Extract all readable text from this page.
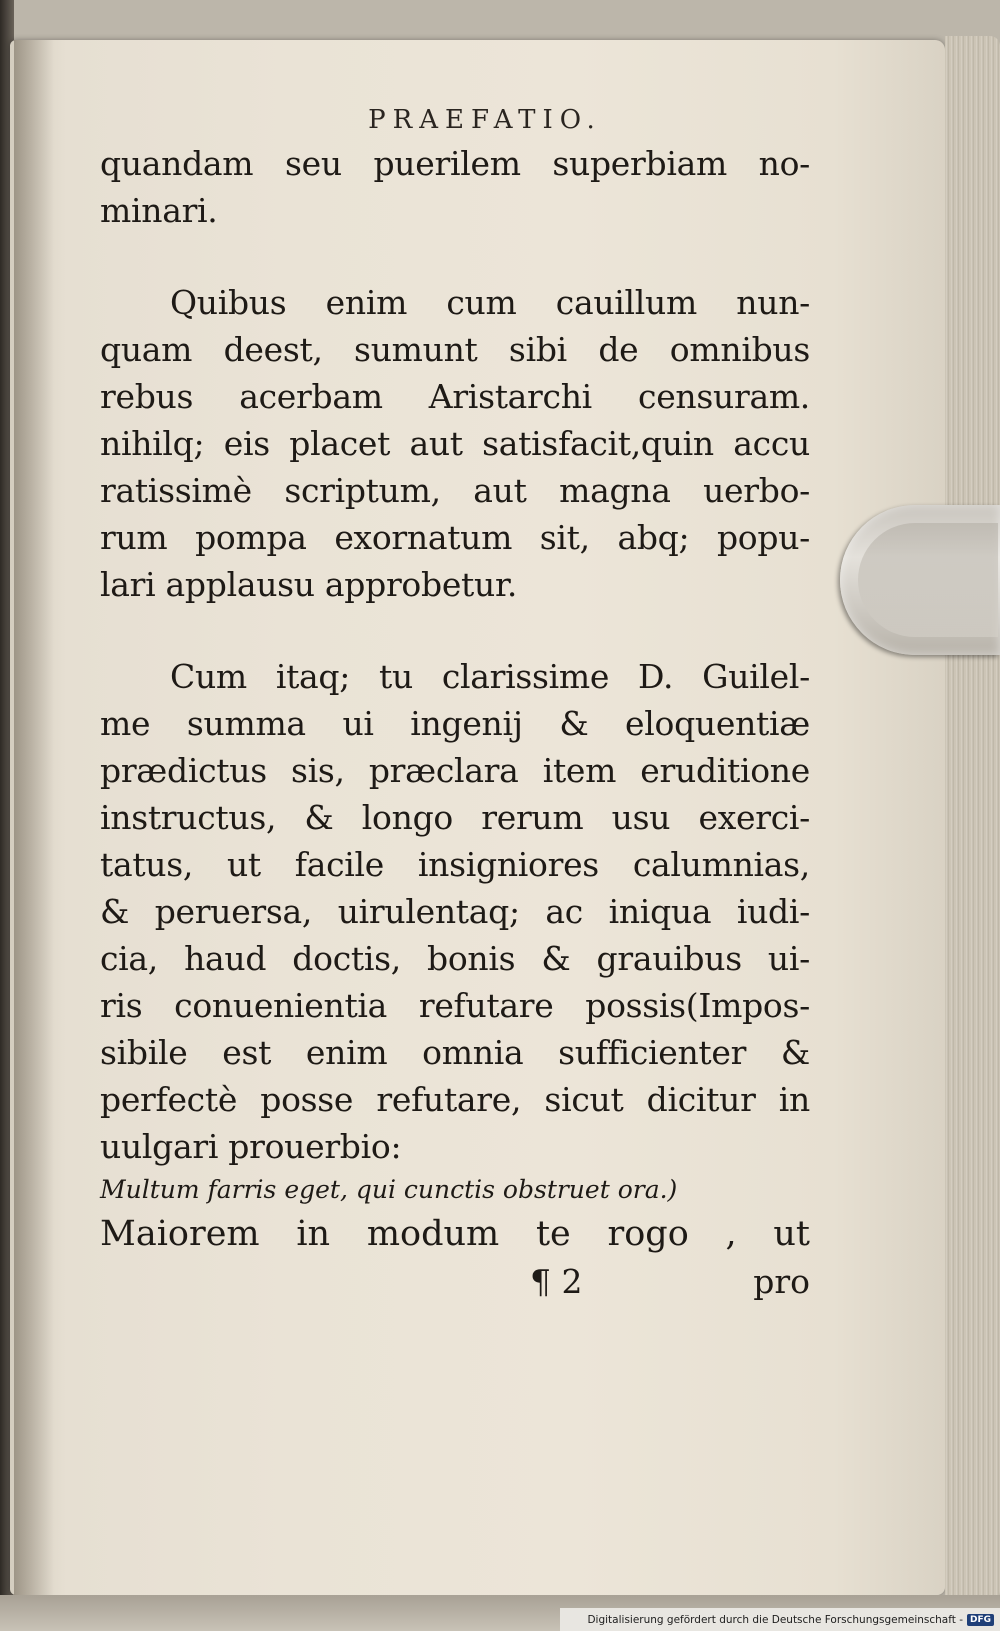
PRAEFATIO.
quandam seu puerilem superbiam no-
minari.
Quibus enim cum cauillum nun-
quam deest, sumunt sibi de omnibus
rebus acerbam Aristarchi censuram.
nihilq; eis placet aut satisfacit,quin accu
ratissimè scriptum, aut magna uerbo-
rum pompa exornatum sit, abq; popu-
lari applausu approbetur.
Cum itaq; tu clarissime D. Guilel-
me summa ui ingenij & eloquentiæ
prædictus sis, præclara item eruditione
instructus, & longo rerum usu exerci-
tatus, ut facile insigniores calumnias,
& peruersa, uirulentaq; ac iniqua iudi-
cia, haud doctis, bonis & grauibus ui-
ris conuenientia refutare possis(Impos-
sibile est enim omnia sufficienter &
perfectè posse refutare, sicut dicitur in
uulgari prouerbio:
Multum farris eget, qui cunctis obstruet ora.)
Maiorem in modum te rogo , ut
¶ 2	pro
Digitalisierung gefördert durch die Deutsche Forschungsgemeinschaft - DFG
